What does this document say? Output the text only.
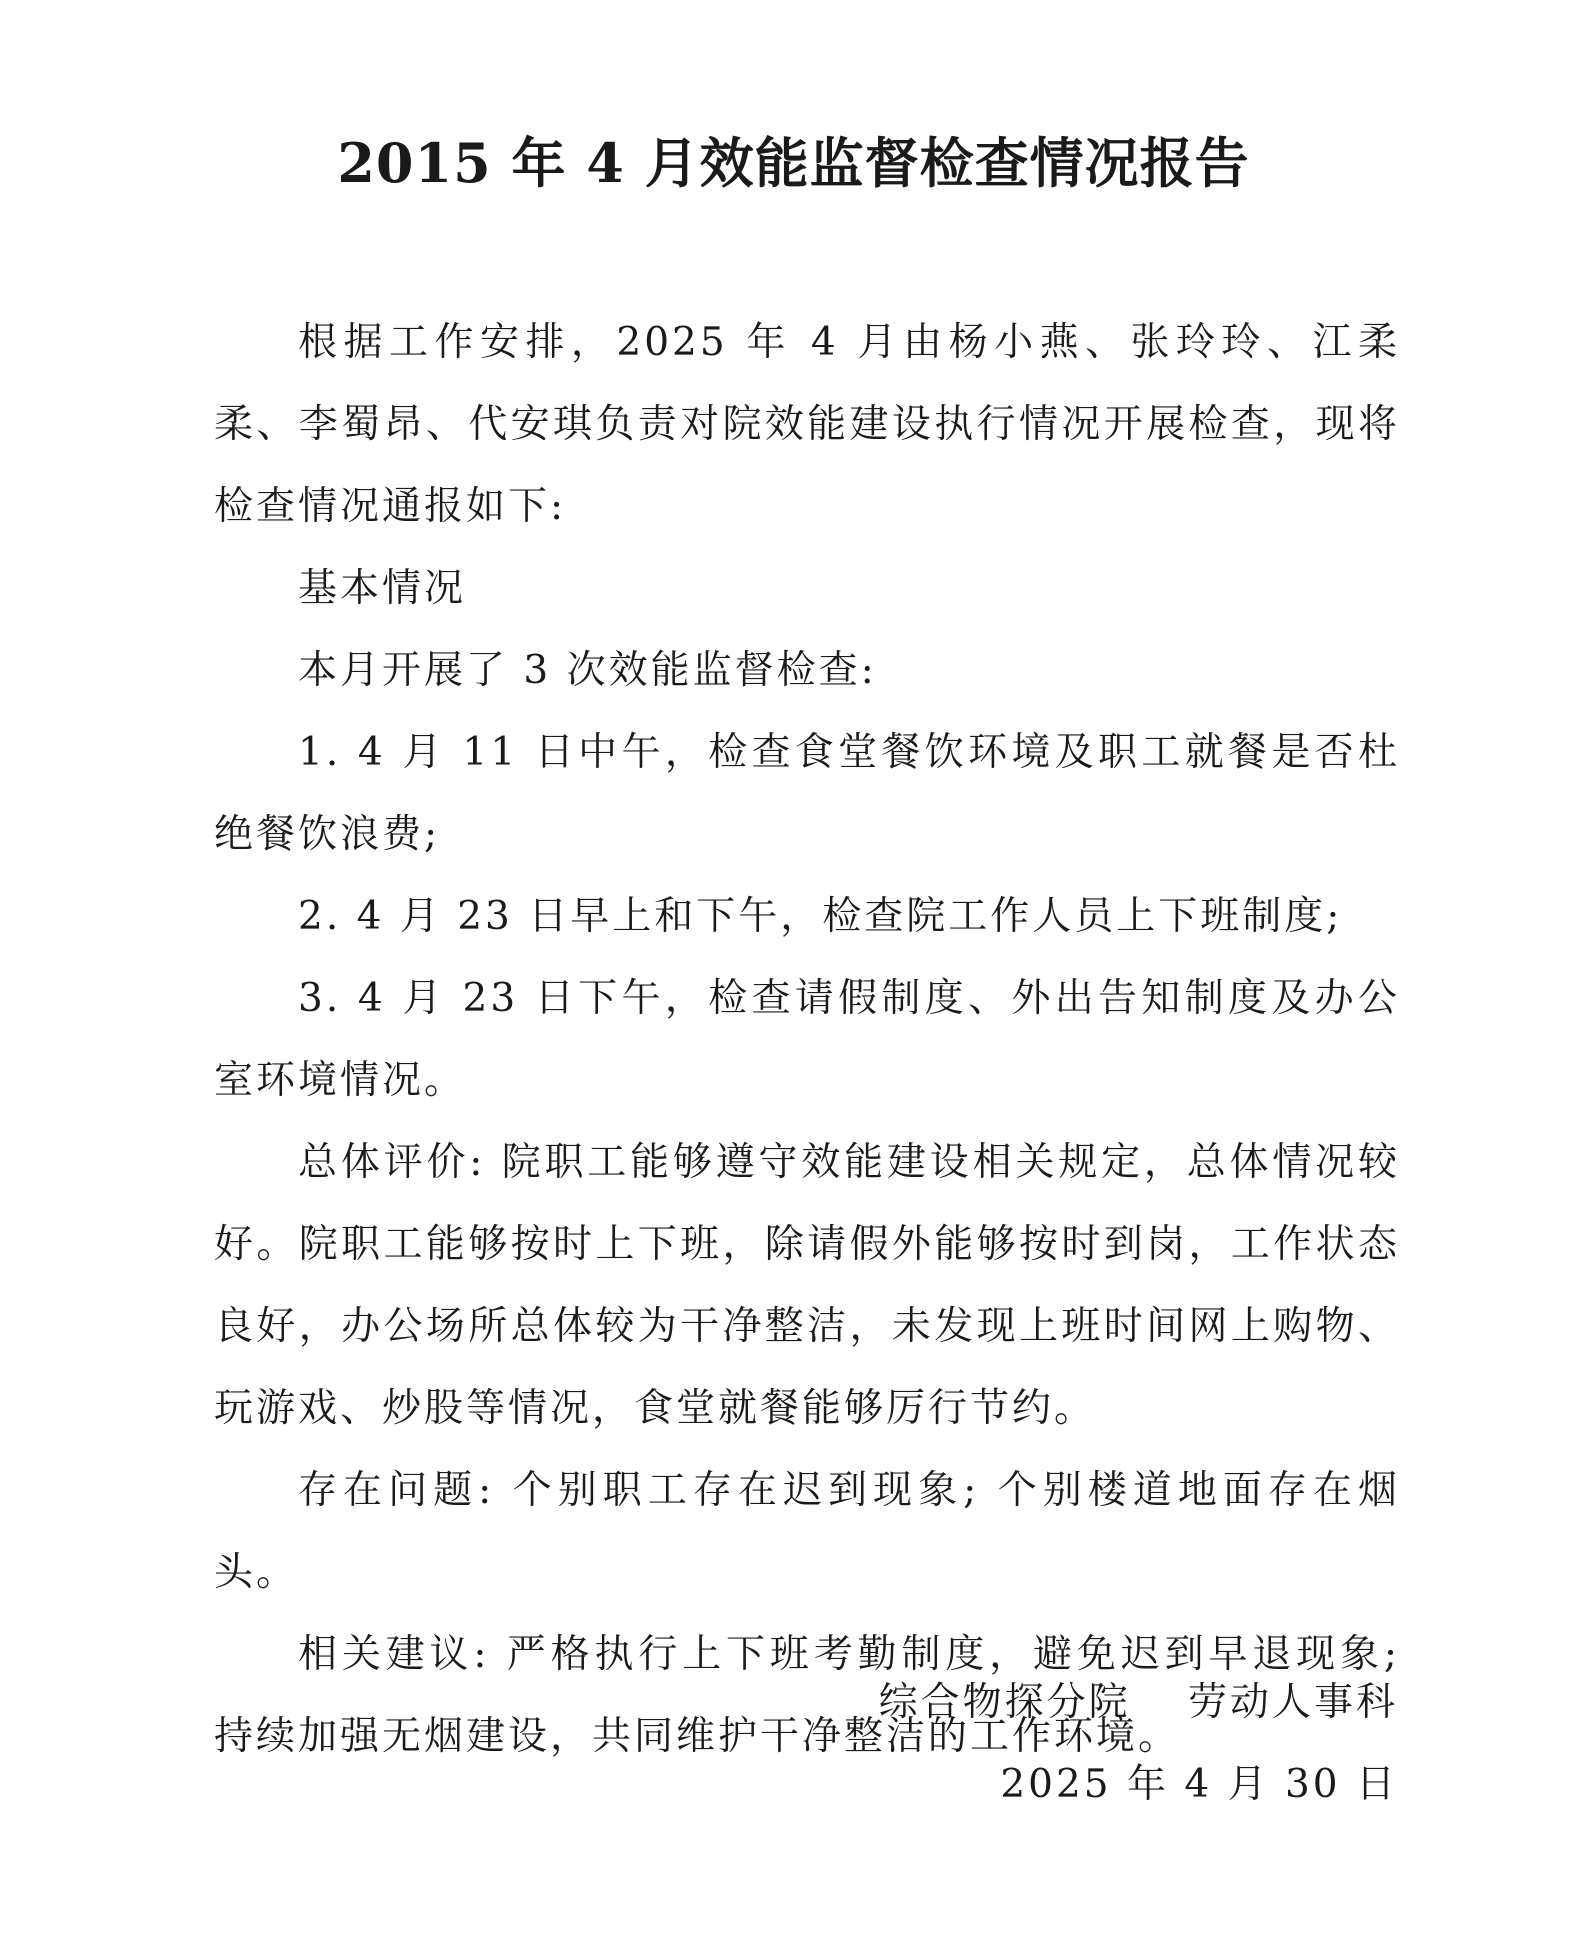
2015 年 4 月效能监督检查情况报告

根据工作安排，2025 年 4 月由杨小燕、张玲玲、江柔柔、李蜀昂、代安琪负责对院效能建设执行情况开展检查，现将检查情况通报如下:

基本情况

本月开展了 3 次效能监督检查:

1. 4 月 11 日中午，检查食堂餐饮环境及职工就餐是否杜绝餐饮浪费;

2. 4 月 23 日早上和下午，检查院工作人员上下班制度;

3. 4 月 23 日下午，检查请假制度、外出告知制度及办公室环境情况。

总体评价: 院职工能够遵守效能建设相关规定，总体情况较好。院职工能够按时上下班，除请假外能够按时到岗，工作状态良好，办公场所总体较为干净整洁，未发现上班时间网上购物、玩游戏、炒股等情况，食堂就餐能够厉行节约。

存在问题: 个别职工存在迟到现象; 个别楼道地面存在烟头。

相关建议: 严格执行上下班考勤制度，避免迟到早退现象; 持续加强无烟建设，共同维护干净整洁的工作环境。

综合物探分院　 劳动人事科
2025 年 4 月 30 日
